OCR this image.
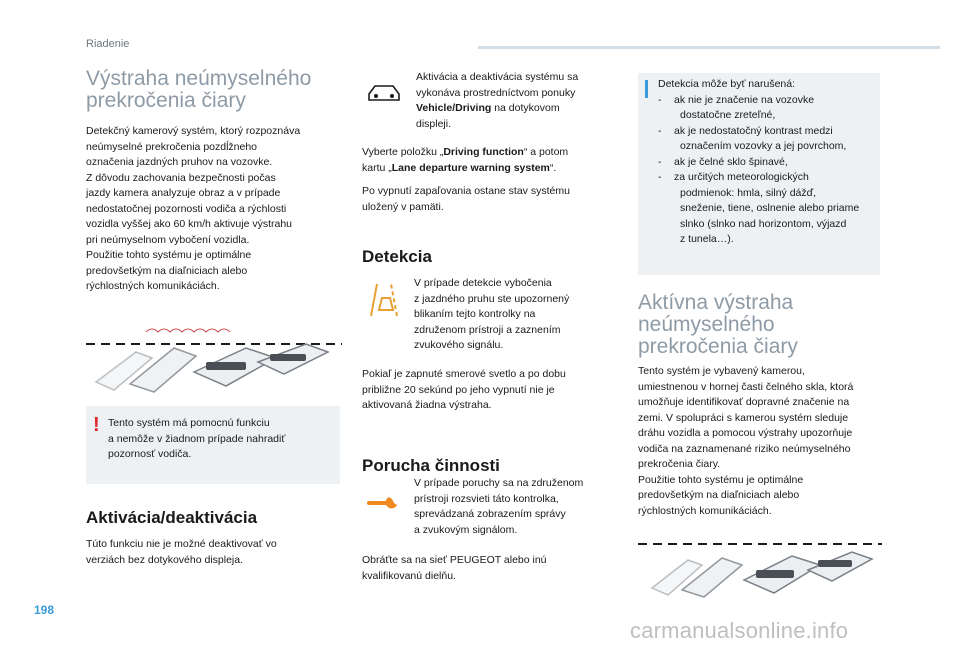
Riadenie
Výstraha neúmyselného
prekročenia čiary

Detekčný kamerový systém, ktorý rozpoznáva

neúmyselné prekročenia pozdĺžneho

označenia jazdných pruhov na vozovke.

Z dôvodu zachovania bezpečnosti počas

jazdy kamera analyzuje obraz a v prípade

nedostatočnej pozornosti vodiča a rýchlosti

vozidla vyššej ako 60 km/h aktivuje výstrahu

pri neúmyselnom vybočení vozidla.

Použitie tohto systému je optimálne

predovšetkým na diaľniciach alebo

rýchlostných komunikáciách.

! Tento systém má pomocnú funkciu

a nemôže v žiadnom prípade nahradiť

pozornosť vodiča.

Aktivácia/deaktivácia

Túto funkciu nie je možné deaktivovať vo

verziách bez dotykového displeja.

Aktivácia a deaktivácia systému sa

vykonáva prostredníctvom ponuky

Vehicle/Driving na dotykovom

displeji.

Vyberte položku „Driving function“ a potom

kartu „Lane departure warning system“.

Po vypnutí zapaľovania ostane stav systému

uložený v pamäti.

Detekcia

V prípade detekcie vybočenia

z jazdného pruhu ste upozornený

blikaním tejto kontrolky na

združenom prístroji a zaznením

zvukového signálu.

Pokiaľ je zapnuté smerové svetlo a po dobu

približne 20 sekúnd po jeho vypnutí nie je

aktivovaná žiadna výstraha.

Porucha činnosti

V prípade poruchy sa na združenom

prístroji rozsvieti táto kontrolka,

sprevádzaná zobrazením správy

a zvukovým signálom.

Obráťte sa na sieť PEUGEOT alebo inú

kvalifikovanú dielňu.

Detekcia môže byť narušená:

- ak nie je značenie na vozovke

dostatočne zreteľné,

- ak je nedostatočný kontrast medzi

označením vozovky a jej povrchom,

- ak je čelné sklo špinavé,

- za určitých meteorologických

podmienok: hmla, silný dážď,

sneženie, tiene, oslnenie alebo priame

slnko (slnko nad horizontom, výjazd

z tunela…).

Aktívna výstraha
neúmyselného
prekročenia čiary

Tento systém je vybavený kamerou,

umiestnenou v hornej časti čelného skla, ktorá

umožňuje identifikovať dopravné značenie na

zemi. V spolupráci s kamerou systém sleduje

dráhu vozidla a pomocou výstrahy upozorňuje

vodiča na zaznamenané riziko neúmyselného

prekročenia čiary.

Použitie tohto systému je optimálne

predovšetkým na diaľniciach alebo

rýchlostných komunikáciách.

198
carmanualsonline.info
